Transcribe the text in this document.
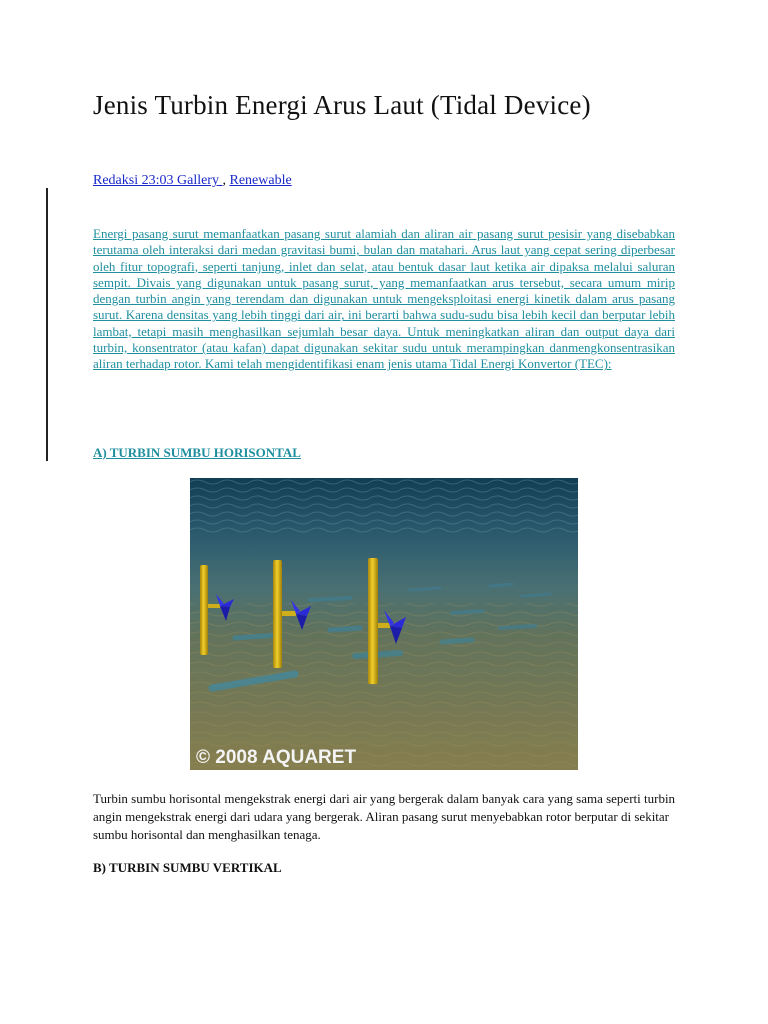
Jenis Turbin Energi Arus Laut (Tidal Device)
Redaksi 23:03 Gallery , Renewable

Energi pasang surut memanfaatkan pasang surut alamiah dan aliran air pasang surut pesisir yang disebabkan terutama oleh interaksi dari medan gravitasi bumi, bulan dan matahari. Arus laut yang cepat sering diperbesar oleh fitur topografi, seperti tanjung, inlet dan selat, atau bentuk dasar laut ketika air dipaksa melalui saluran sempit. Divais yang digunakan untuk pasang surut, yang memanfaatkan arus tersebut, secara umum mirip dengan turbin angin yang terendam dan digunakan untuk mengeksploitasi energi kinetik dalam arus pasang surut. Karena densitas yang lebih tinggi dari air, ini berarti bahwa sudu-sudu bisa lebih kecil dan berputar lebih lambat, tetapi masih menghasilkan sejumlah besar daya. Untuk meningkatkan aliran dan output daya dari turbin, konsentrator (atau kafan) dapat digunakan sekitar sudu untuk merampingkan danmengkonsentrasikan aliran terhadap rotor. Kami telah mengidentifikasi enam jenis utama Tidal Energi Konvertor (TEC):

A) TURBIN SUMBU HORISONTAL

© 2008 AQUARET

Turbin sumbu horisontal mengekstrak energi dari air yang bergerak dalam banyak cara yang sama seperti turbin angin mengekstrak energi dari udara yang bergerak. Aliran pasang surut menyebabkan rotor berputar di sekitar sumbu horisontal dan menghasilkan tenaga.

B) TURBIN SUMBU VERTIKAL
